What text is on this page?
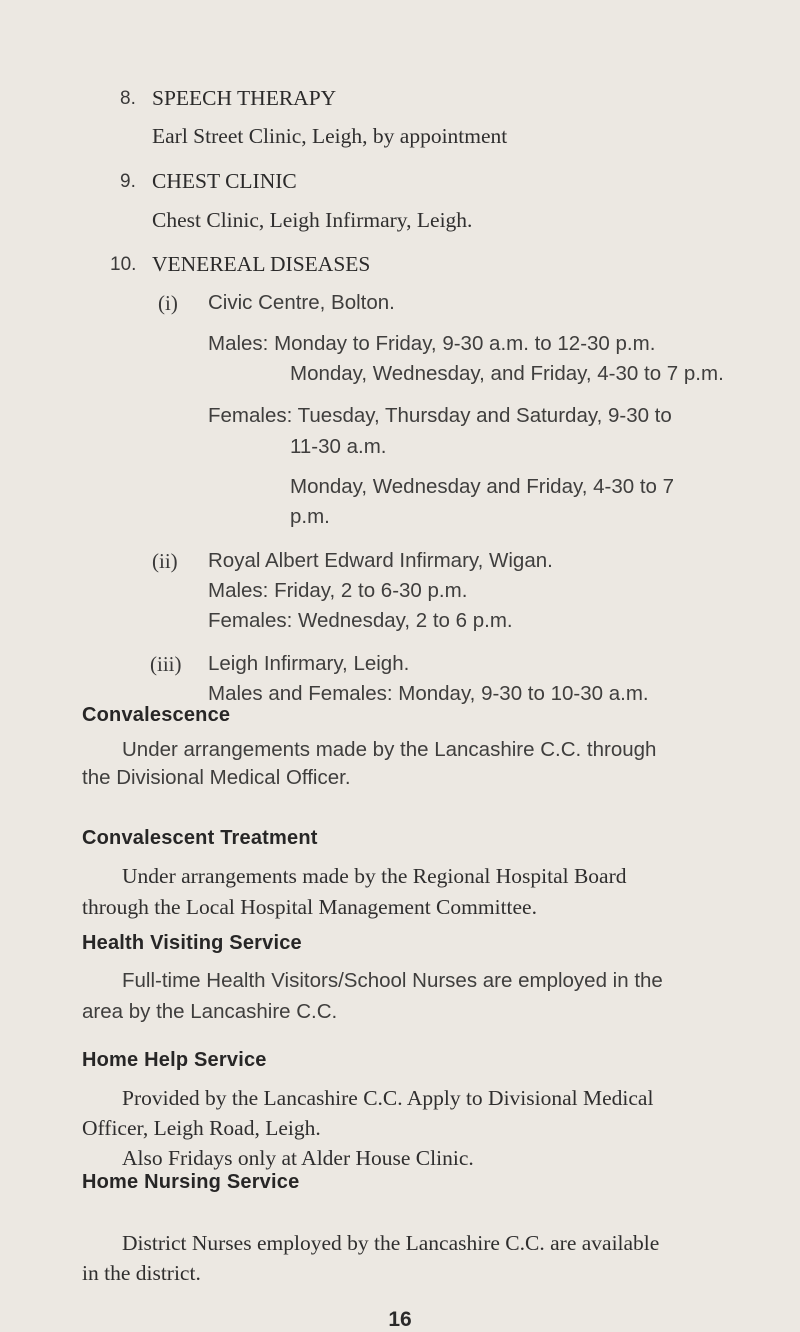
8. SPEECH THERAPY
Earl Street Clinic, Leigh, by appointment
9. CHEST CLINIC
Chest Clinic, Leigh Infirmary, Leigh.
10. VENEREAL DISEASES
(i) Civic Centre, Bolton.
Males: Monday to Friday, 9-30 a.m. to 12-30 p.m.
Monday, Wednesday, and Friday, 4-30 to 7 p.m.
Females: Tuesday, Thursday and Saturday, 9-30 to
11-30 a.m.
Monday, Wednesday and Friday, 4-30 to 7
p.m.
(ii) Royal Albert Edward Infirmary, Wigan.
Males: Friday, 2 to 6-30 p.m.
Females: Wednesday, 2 to 6 p.m.
(iii) Leigh Infirmary, Leigh.
Males and Females: Monday, 9-30 to 10-30 a.m.
Convalescence
Under arrangements made by the Lancashire C.C. through
the Divisional Medical Officer.
Convalescent Treatment
Under arrangements made by the Regional Hospital Board
through the Local Hospital Management Committee.
Health Visiting Service
Full-time Health Visitors/School Nurses are employed in the
area by the Lancashire C.C.
Home Help Service
Provided by the Lancashire C.C. Apply to Divisional Medical
Officer, Leigh Road, Leigh.
Also Fridays only at Alder House Clinic.
Home Nursing Service
District Nurses employed by the Lancashire C.C. are available
in the district.
16
